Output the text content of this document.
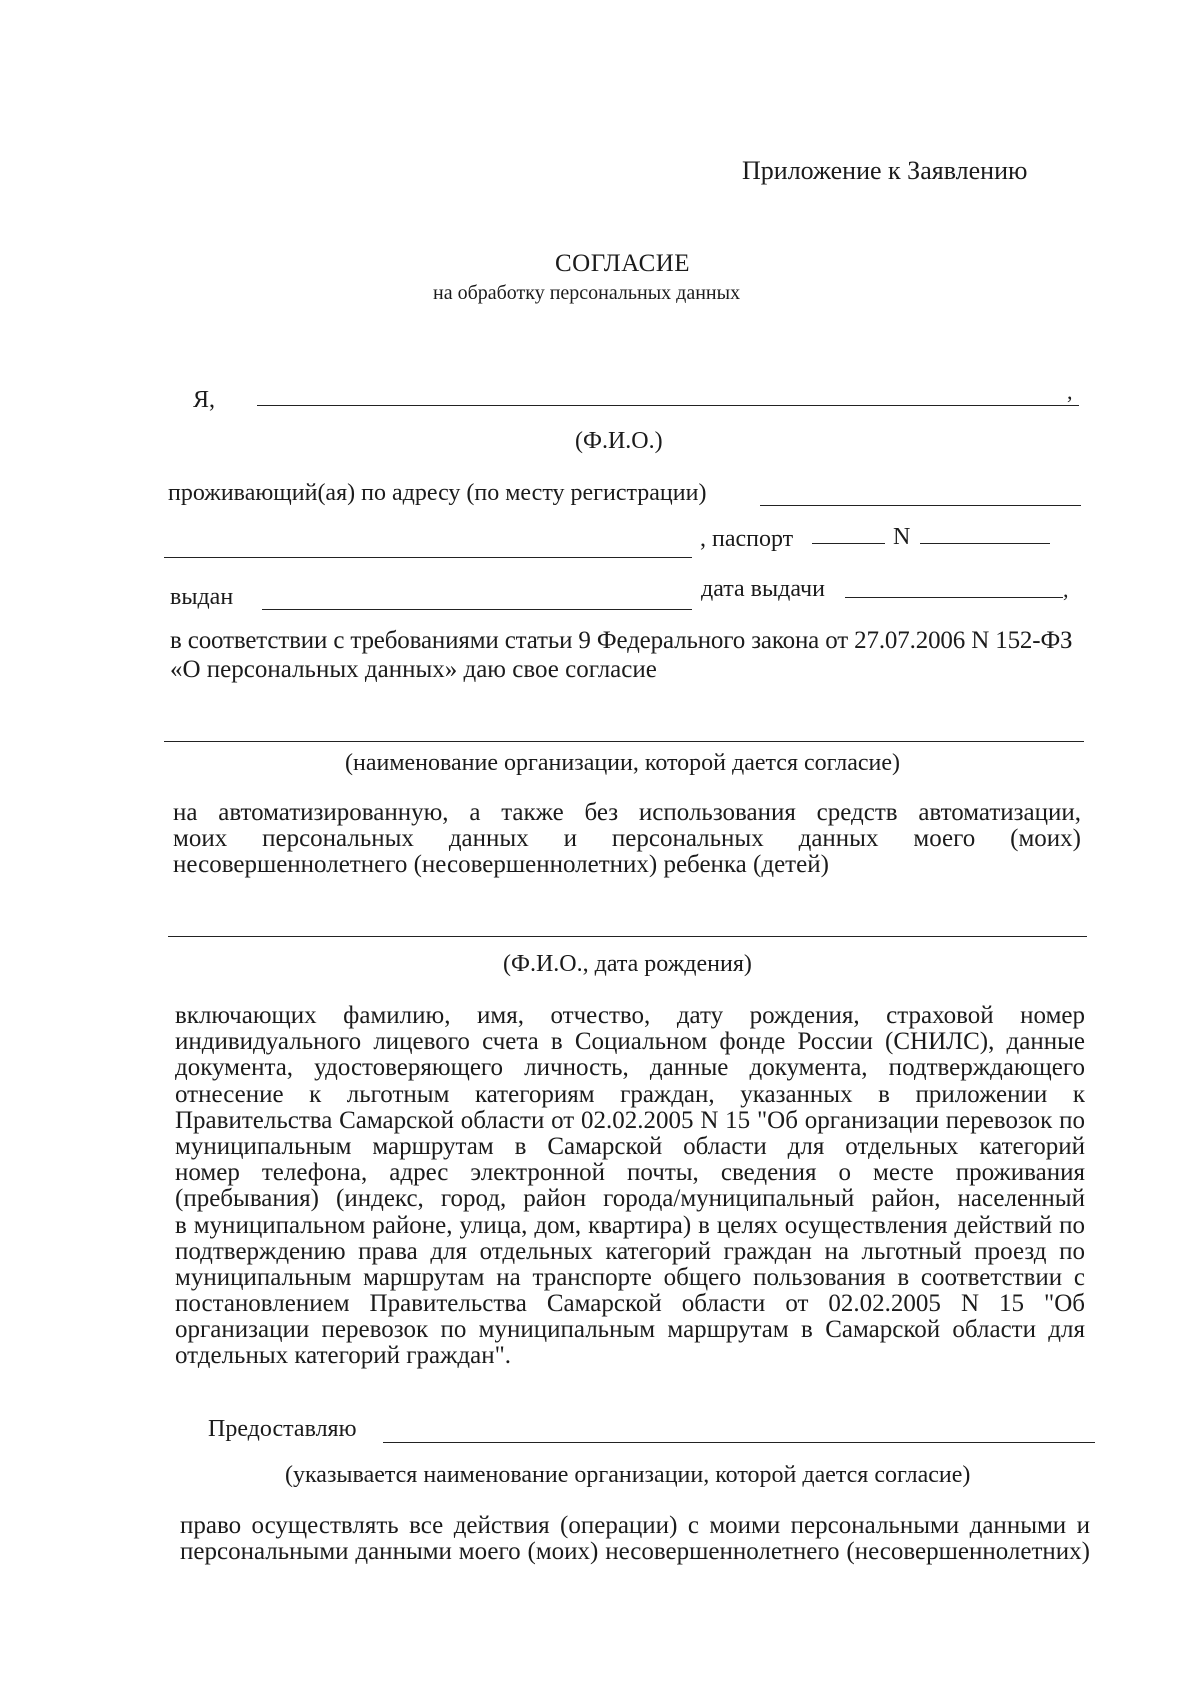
Приложение к Заявлению
СОГЛАСИЕ
на обработку персональных данных
Я,	,
(Ф.И.О.)
проживающий(ая) по адресу (по месту регистрации)
, паспорт	N
выдан	дата выдачи	,
в соответствии с требованиями статьи 9 Федерального закона от 27.07.2006 N 152-ФЗ
«О персональных данных» даю свое согласие
(наименование организации, которой дается согласие)
на автоматизированную, а также без использования средств автоматизации,
моих персональных данных и персональных данных моего (моих)
несовершеннолетнего (несовершеннолетних) ребенка (детей)
(Ф.И.О., дата рождения)
включающих фамилию, имя, отчество, дату рождения, страховой номер
индивидуального лицевого счета в Социальном фонде России (СНИЛС), данные
документа, удостоверяющего личность, данные документа, подтверждающего
отнесение к льготным категориям граждан, указанных в приложении к
Правительства Самарской области от 02.02.2005 N 15 "Об организации перевозок по
муниципальным маршрутам в Самарской области для отдельных категорий
номер телефона, адрес электронной почты, сведения о месте проживания
(пребывания) (индекс, город, район города/муниципальный район, населенный
в муниципальном районе, улица, дом, квартира) в целях осуществления действий по
подтверждению права для отдельных категорий граждан на льготный проезд по
муниципальным маршрутам на транспорте общего пользования в соответствии с
постановлением Правительства Самарской области от 02.02.2005 N 15 "Об
организации перевозок по муниципальным маршрутам в Самарской области для
отдельных категорий граждан".
Предоставляю
(указывается наименование организации, которой дается согласие)
право осуществлять все действия (операции) с моими персональными данными и
персональными данными моего (моих) несовершеннолетнего (несовершеннолетних)
